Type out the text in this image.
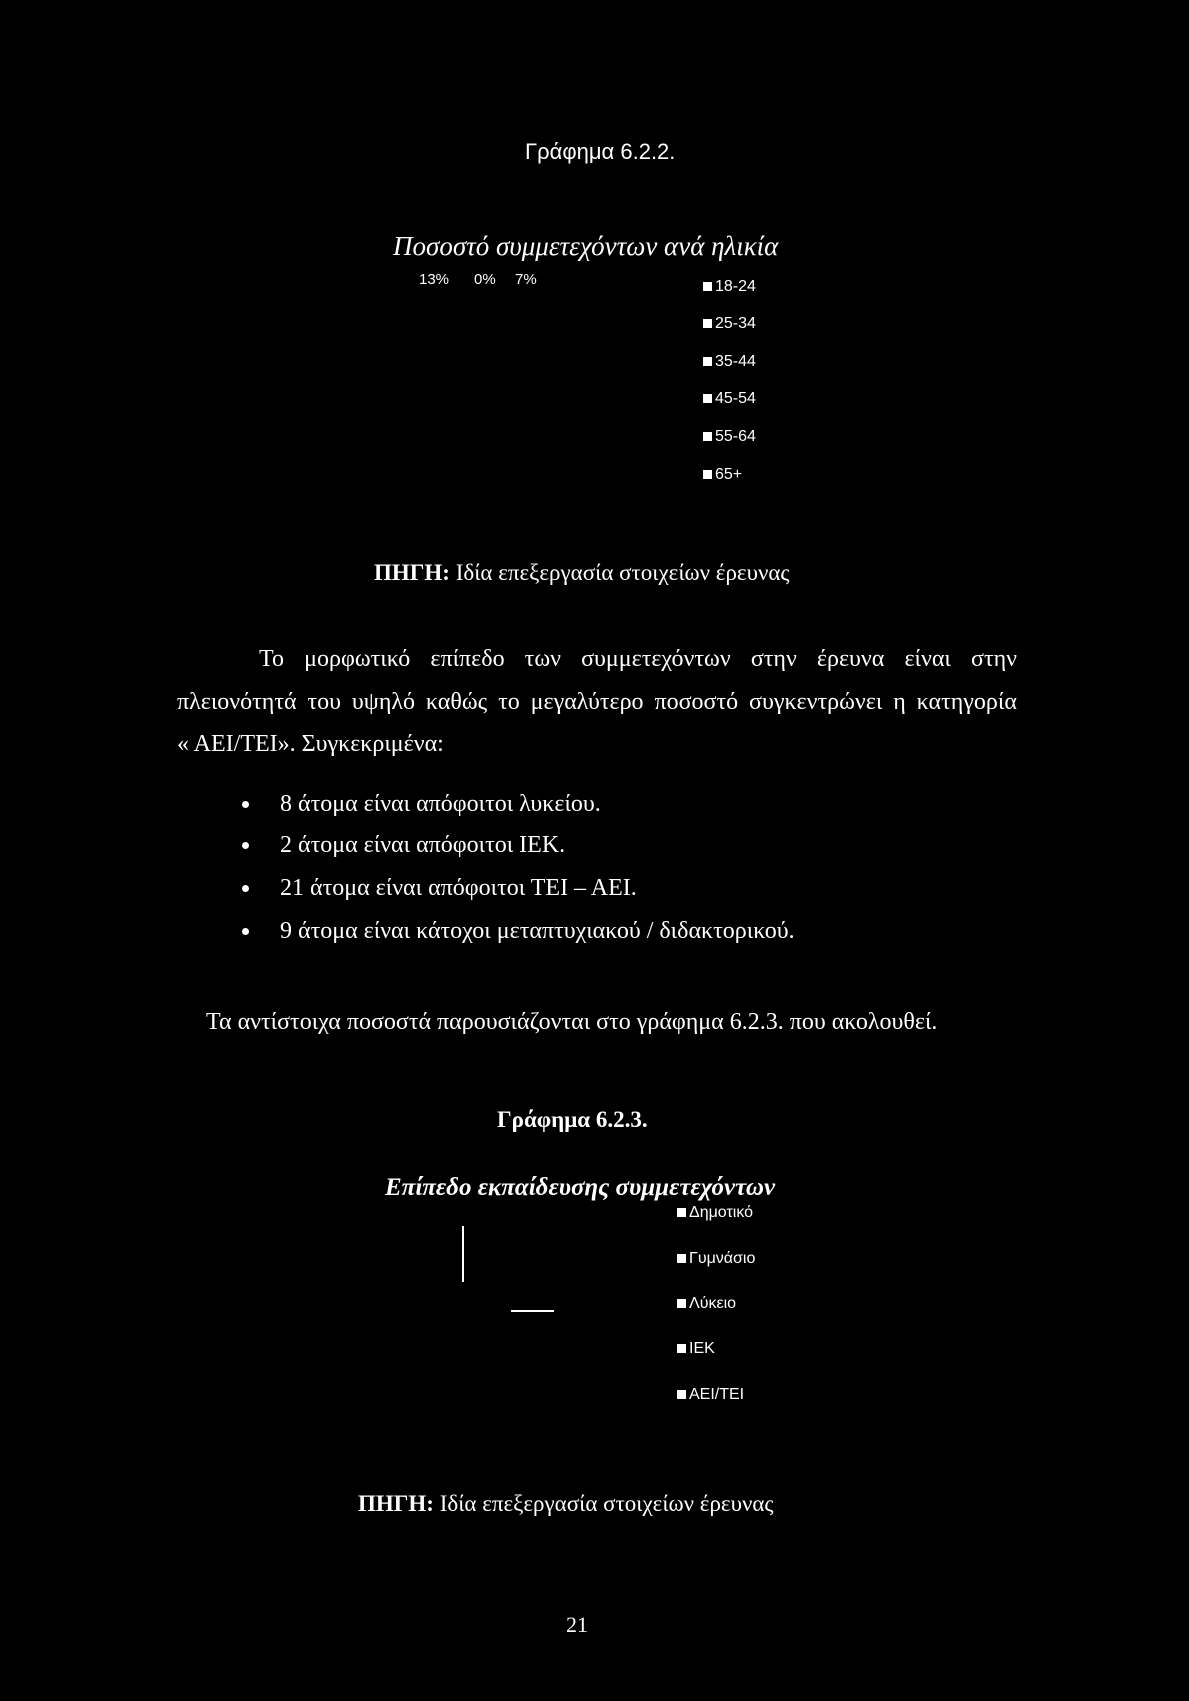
Γράφημα 6.2.2.
Ποσοστό συμμετεχόντων ανά ηλικία
13% 0% 7%	18-24
25-34
35-44
45-54
55-64
65+
ΠΗΓΗ: Ιδία επεξεργασία στοιχείων έρευνας
Το μορφωτικό επίπεδο των συμμετεχόντων στην έρευνα είναι στην
πλειονότητά του υψηλό καθώς το μεγαλύτερο ποσοστό συγκεντρώνει η κατηγορία
« ΑΕΙ/ΤΕΙ». Συγκεκριμένα:
8 άτομα είναι απόφοιτοι λυκείου.
2 άτομα είναι απόφοιτοι ΙΕΚ.
21 άτομα είναι απόφοιτοι ΤΕΙ – ΑΕΙ.
9 άτομα είναι κάτοχοι μεταπτυχιακού / διδακτορικού.
Τα αντίστοιχα ποσοστά παρουσιάζονται στο γράφημα 6.2.3. που ακολουθεί.
Γράφημα 6.2.3.
Επίπεδο εκπαίδευσης συμμετεχόντων
Δημοτικό
Γυμνάσιο
Λύκειο
ΙΕΚ
ΑΕΙ/ΤΕΙ
ΠΗΓΗ: Ιδία επεξεργασία στοιχείων έρευνας
21
